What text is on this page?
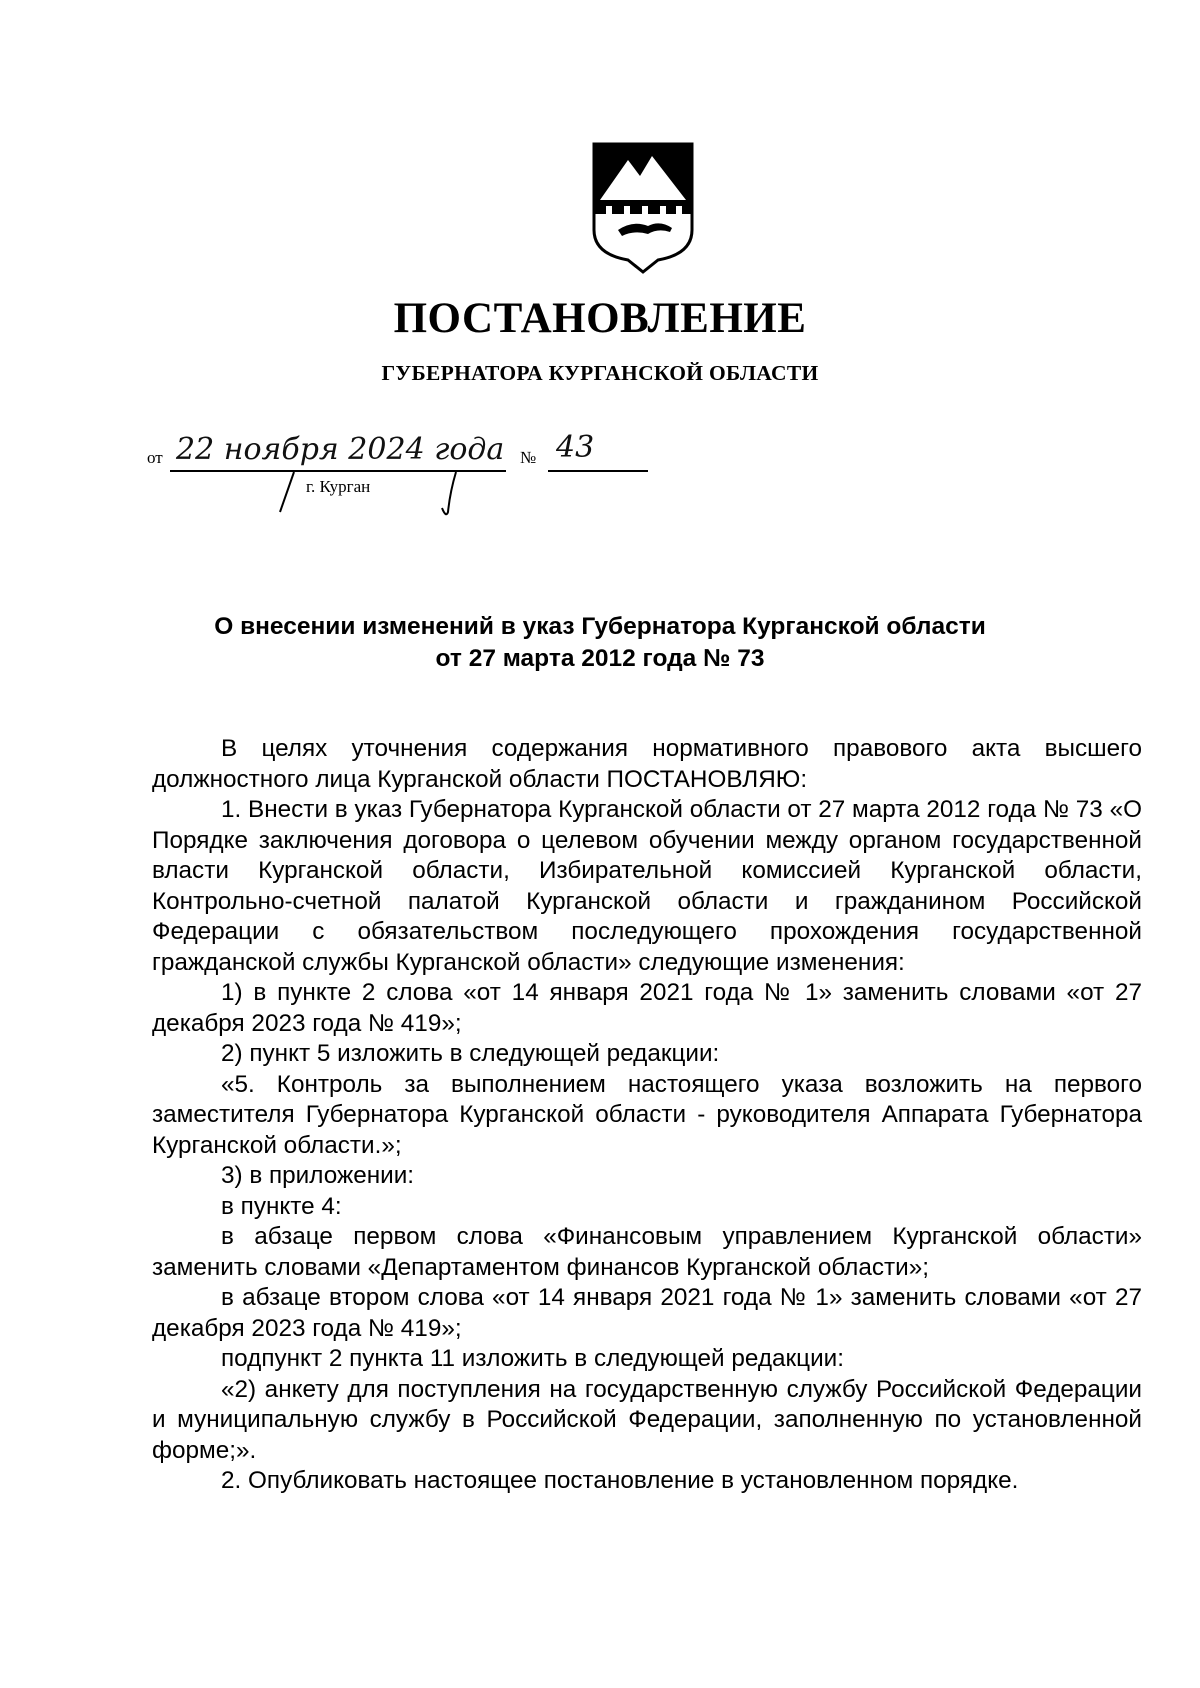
ПОСТАНОВЛЕНИЕ
ГУБЕРНАТОРА КУРГАНСКОЙ ОБЛАСТИ
от 22 ноября 2024 года № 43
г. Курган
О внесении изменений в указ Губернатора Курганской области
от 27 марта 2012 года № 73

В целях уточнения содержания нормативного правового акта высшего должностного лица Курганской области ПОСТАНОВЛЯЮ:

1. Внести в указ Губернатора Курганской области от 27 марта 2012 года № 73 «О Порядке заключения договора о целевом обучении между органом государственной власти Курганской области, Избирательной комиссией Курганской области, Контрольно-счетной палатой Курганской области и гражданином Российской Федерации с обязательством последующего прохождения государственной гражданской службы Курганской области» следующие изменения:

1) в пункте 2 слова «от 14 января 2021 года № 1» заменить словами «от 27 декабря 2023 года № 419»;

2) пункт 5 изложить в следующей редакции:

«5. Контроль за выполнением настоящего указа возложить на первого заместителя Губернатора Курганской области - руководителя Аппарата Губернатора Курганской области.»;

3) в приложении:

в пункте 4:

в абзаце первом слова «Финансовым управлением Курганской области» заменить словами «Департаментом финансов Курганской области»;

в абзаце втором слова «от 14 января 2021 года № 1» заменить словами «от 27 декабря 2023 года № 419»;

подпункт 2 пункта 11 изложить в следующей редакции:

«2) анкету для поступления на государственную службу Российской Федерации и муниципальную службу в Российской Федерации, заполненную по установленной форме;».

2. Опубликовать настоящее постановление в установленном порядке.
